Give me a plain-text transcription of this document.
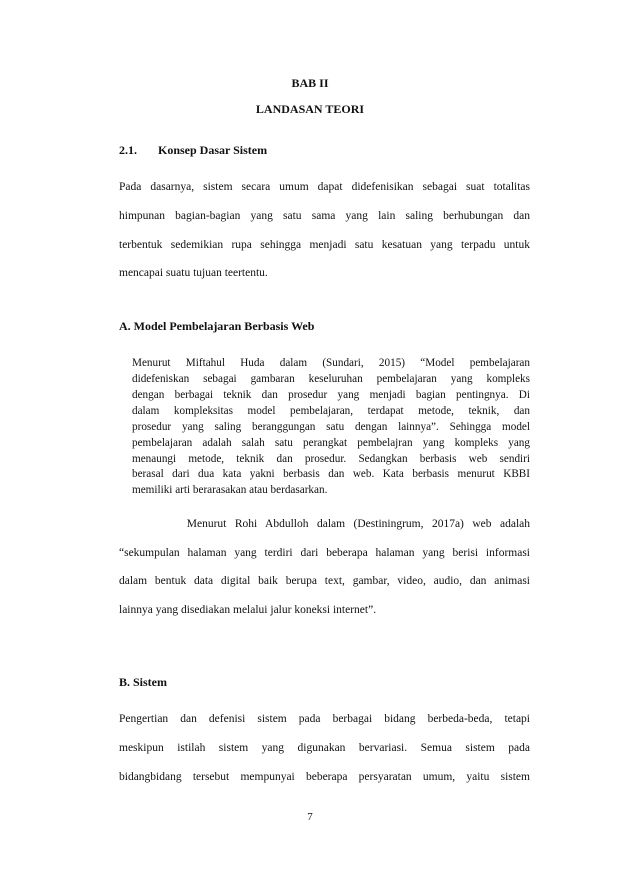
BAB II
LANDASAN TEORI
2.1. Konsep Dasar Sistem
Pada dasarnya, sistem secara umum dapat didefenisikan sebagai suat totalitas
himpunan bagian-bagian yang satu sama yang lain saling berhubungan dan
terbentuk sedemikian rupa sehingga menjadi satu kesatuan yang terpadu untuk
mencapai suatu tujuan teertentu.
A. Model Pembelajaran Berbasis Web
Menurut Miftahul Huda dalam (Sundari, 2015) “Model pembelajaran
didefeniskan sebagai gambaran keseluruhan pembelajaran yang kompleks
dengan berbagai teknik dan prosedur yang menjadi bagian pentingnya. Di
dalam kompleksitas model pembelajaran, terdapat metode, teknik, dan
prosedur yang saling beranggungan satu dengan lainnya”. Sehingga model
pembelajaran adalah salah satu perangkat pembelajran yang kompleks yang
menaungi metode, teknik dan prosedur. Sedangkan berbasis web sendiri
berasal dari dua kata yakni berbasis dan web. Kata berbasis menurut KBBI
memiliki arti berarasakan atau berdasarkan.
Menurut Rohi Abdulloh dalam (Destiningrum, 2017a) web adalah
“sekumpulan halaman yang terdiri dari beberapa halaman yang berisi informasi
dalam bentuk data digital baik berupa text, gambar, video, audio, dan animasi
lainnya yang disediakan melalui jalur koneksi internet”.
B. Sistem
Pengertian dan defenisi sistem pada berbagai bidang berbeda-beda, tetapi
meskipun istilah sistem yang digunakan bervariasi. Semua sistem pada
bidangbidang tersebut mempunyai beberapa persyaratan umum, yaitu sistem
7
